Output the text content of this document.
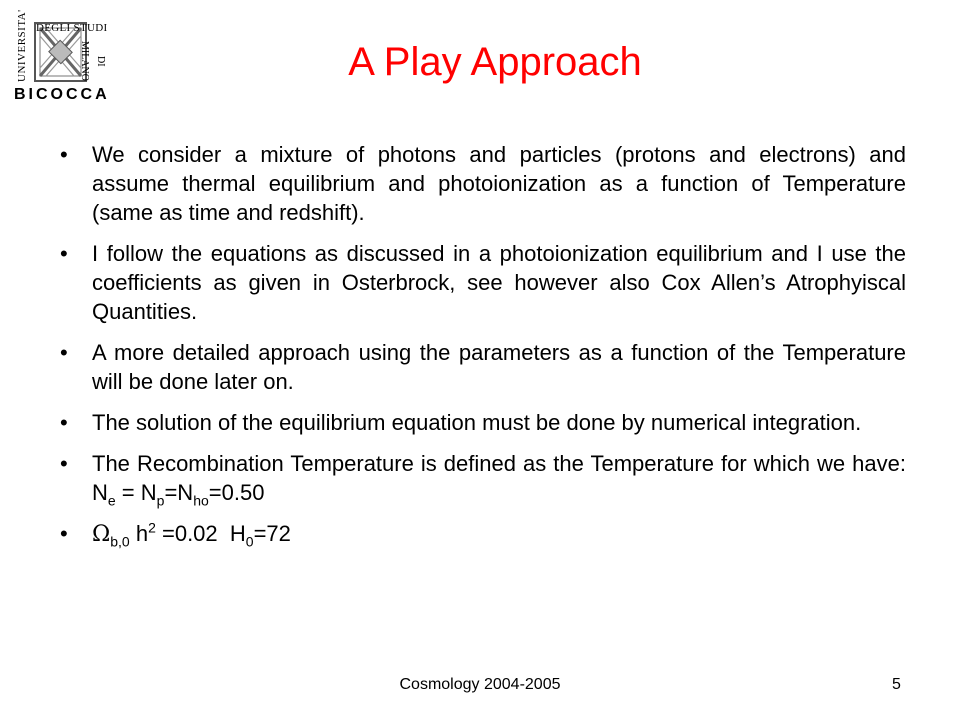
UNIVERSITA' DEGLI STUDI
DI MILANO
BICOCCA
A Play Approach
• We consider a mixture of photons and particles (protons and electrons) and assume thermal equilibrium and photoionization as a function of Temperature (same as time and redshift).
• I follow the equations as discussed in a photoionization equilibrium and I use the coefficients as given in Osterbrock, see however also Cox Allen’s Atrophyiscal Quantities.
• A more detailed approach using the parameters as a function of the Temperature will be done later on.
• The solution of the equilibrium equation must be done by numerical integration.
• The Recombination Temperature is defined as the Temperature for which we have: $N_e = N_p=N_{ho}=0.50$
• $\Omega_{b,0}$ $h^2 =0.02$  $H_0=72$
Cosmology 2004-2005	5
